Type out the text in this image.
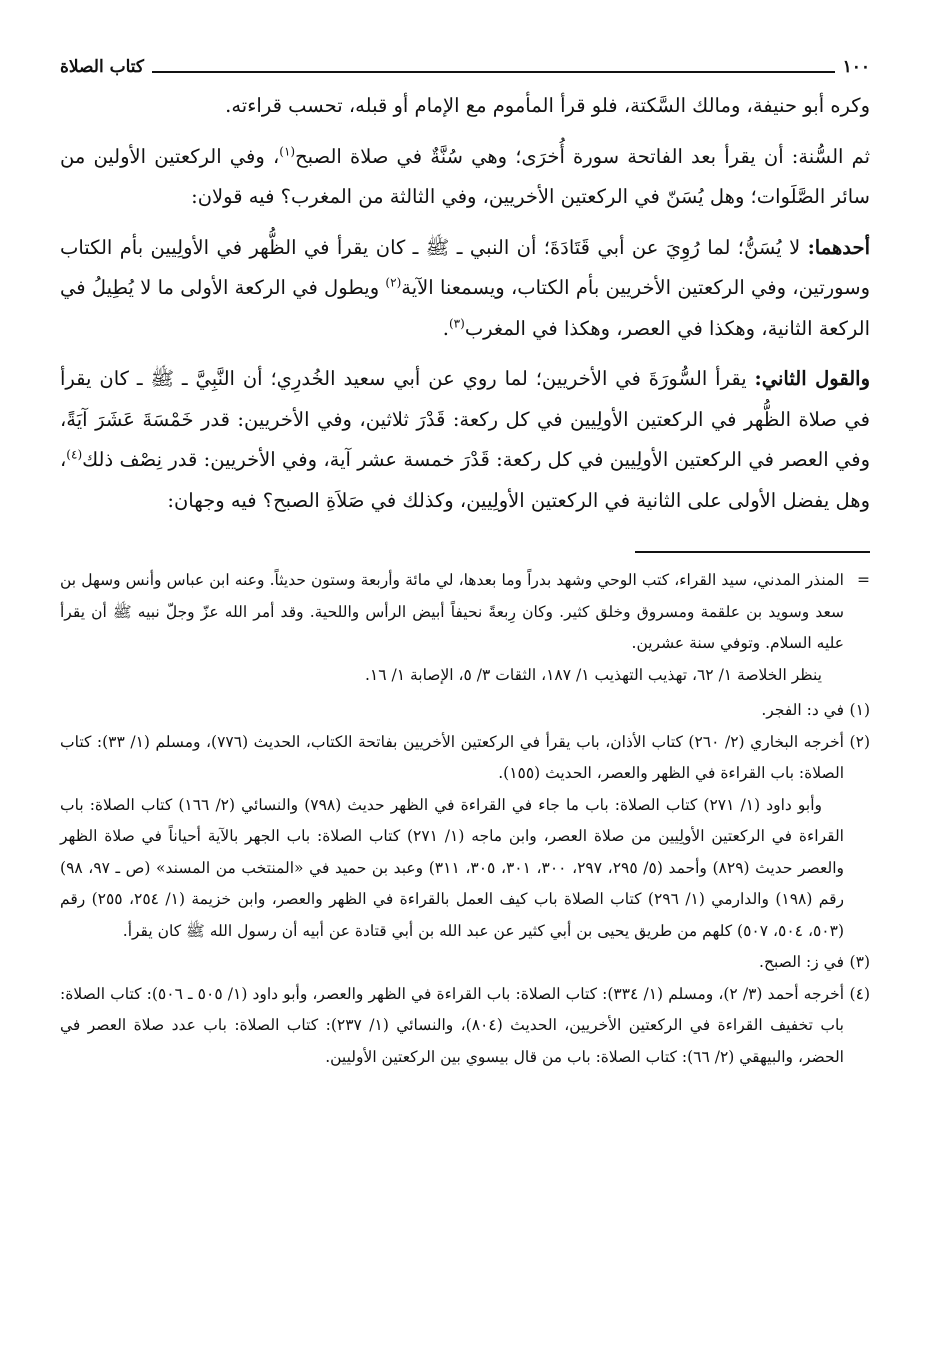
١٠٠
كتاب الصلاة

وكره أبو حنيفة، ومالك السَّكتة، فلو قرأ المأموم مع الإمام أو قبله، تحسب قراءته.

ثم السُّنة: أن يقرأ بعد الفاتحة سورة أُخرَى؛ وهي سُنَّةٌ في صلاة الصبح$^{(١)}$، وفي الركعتين الأولين من سائر الصَّلَوات؛ وهل يُسَنّ في الركعتين الأخريين، وفي الثالثة من المغرب؟ فيه قولان:

أحدهما: لا يُسَنُّ؛ لما رُوِيَ عن أبي قَتَادَةَ؛ أن النبي ـ ﷺ ـ كان يقرأ في الظُّهر في الأولِيين بأم الكتاب وسورتين، وفي الركعتين الأخريين بأم الكتاب، ويسمعنا الآية$^{(٢)}$ ويطول في الركعة الأولى ما لا يُطِيلُ في الركعة الثانية، وهكذا في العصر، وهكذا في المغرب$^{(٣)}$.

والقول الثاني: يقرأ السُّورَةَ في الأخريين؛ لما روي عن أبي سعيد الخُدرِي؛ أن النَّبِيَّ ـ ﷺ ـ كان يقرأ في صلاة الظُّهر في الركعتين الأولِيين في كل ركعة: قَدْرَ ثلاثين، وفي الأخريين: قدر خَمْسَةَ عَشَرَ آيَةً، وفي العصر في الركعتين الأولِيين في كل ركعة: قَدْرَ خمسة عشر آية، وفي الأخريين: قدر نِصْف ذلك$^{(٤)}$، وهل يفضل الأولى على الثانية في الركعتين الأولِيين، وكذلك في صَلاَةِ الصبح؟ فيه وجهان:

=

المنذر المدني، سيد القراء، كتب الوحي وشهد بدراً وما بعدها، لي مائة وأربعة وستون حديثاً. وعنه ابن عباس وأنس وسهل بن سعد وسويد بن علقمة ومسروق وخلق كثير. وكان رِبعةً نحيفاً أبيض الرأس واللحية. وقد أمر الله عزّ وجلّ نبيه ﷺ أن يقرأ عليه السلام. وتوفي سنة عشرين.

ينظر الخلاصة ١/ ٦٢، تهذيب التهذيب ١/ ١٨٧، الثقات ٣/ ٥، الإصابة ١/ ١٦.

(١)

في د: الفجر.

(٢)

أخرجه البخاري (٢/ ٢٦٠) كتاب الأذان، باب يقرأ في الركعتين الأخريين بفاتحة الكتاب، الحديث (٧٧٦)، ومسلم (١/ ٣٣): كتاب الصلاة: باب القراءة في الظهر والعصر، الحديث (١٥٥).

وأبو داود (١/ ٢٧١) كتاب الصلاة: باب ما جاء في القراءة في الظهر حديث (٧٩٨) والنسائي (٢/ ١٦٦) كتاب الصلاة: باب القراءة في الركعتين الأولِيين من صلاة العصر، وابن ماجه (١/ ٢٧١) كتاب الصلاة: باب الجهر بالآية أحياناً في صلاة الظهر والعصر حديث (٨٢٩) وأحمد (٥/ ٢٩٥، ٢٩٧، ٣٠٠، ٣٠١، ٣٠٥، ٣١١) وعبد بن حميد في «المنتخب من المسند» (ص ـ ٩٧، ٩٨) رقم (١٩٨) والدارمي (١/ ٢٩٦) كتاب الصلاة باب كيف العمل بالقراءة في الظهر والعصر، وابن خزيمة (١/ ٢٥٤، ٢٥٥) رقم (٥٠٣، ٥٠٤، ٥٠٧) كلهم من طريق يحيى بن أبي كثير عن عبد الله بن أبي قتادة عن أبيه أن رسول الله ﷺ كان يقرأ.

(٣)

في ز: الصبح.

(٤)

أخرجه أحمد (٣/ ٢)، ومسلم (١/ ٣٣٤): كتاب الصلاة: باب القراءة في الظهر والعصر، وأبو داود (١/ ٥٠٥ ـ ٥٠٦): كتاب الصلاة: باب تخفيف القراءة في الركعتين الأخريين، الحديث (٨٠٤)، والنسائي (١/ ٢٣٧): كتاب الصلاة: باب عدد صلاة العصر في الحضر، والبيهقي (٢/ ٦٦): كتاب الصلاة: باب من قال بيسوي بين الركعتين الأوليين.
